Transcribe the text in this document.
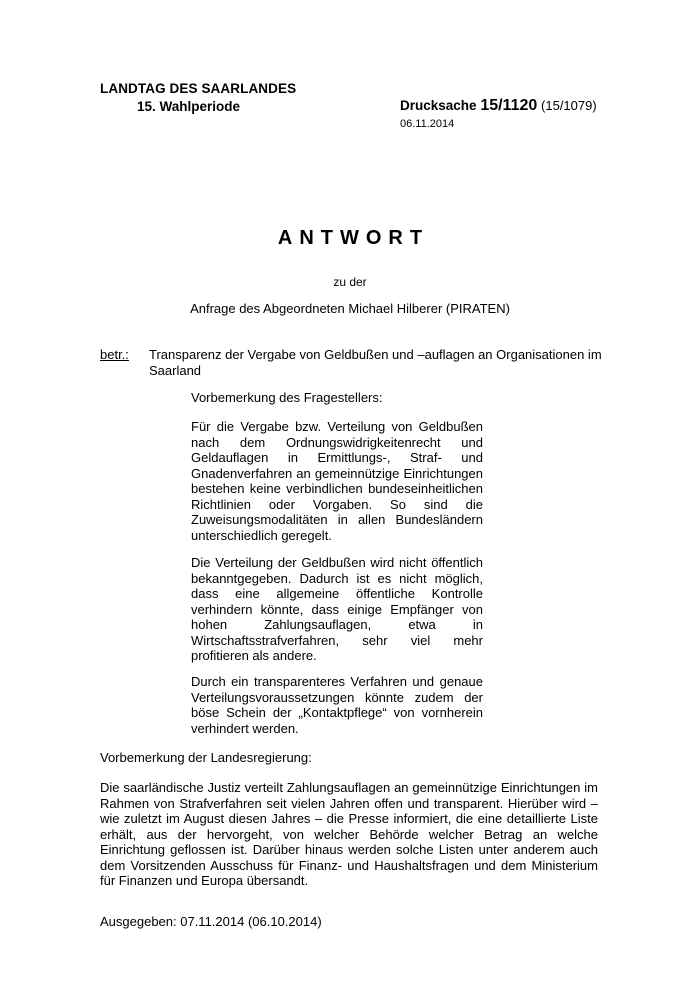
LANDTAG DES SAARLANDES
15. Wahlperiode	Drucksache 15/1120 (15/1079)
06.11.2014
ANTWORT
zu der
Anfrage des Abgeordneten Michael Hilberer (PIRATEN)
betr.: Transparenz der Vergabe von Geldbußen und –auflagen an Organisationen im Saarland
Vorbemerkung des Fragestellers:
Für die Vergabe bzw. Verteilung von Geldbußen nach dem Ordnungswidrigkeitenrecht und Geldauflagen in Ermittlungs-, Straf- und Gnadenverfahren an gemeinnützige Einrichtungen bestehen keine verbindlichen bundeseinheitlichen Richtlinien oder Vorgaben. So sind die Zuweisungsmodalitäten in allen Bundesländern unterschiedlich geregelt.
Die Verteilung der Geldbußen wird nicht öffentlich bekanntgegeben. Dadurch ist es nicht möglich, dass eine allgemeine öffentliche Kontrolle verhindern könnte, dass einige Empfänger von hohen Zahlungsauflagen, etwa in Wirtschaftsstrafverfahren, sehr viel mehr profitieren als andere.
Durch ein transparenteres Verfahren und genaue Verteilungsvoraussetzungen könnte zudem der böse Schein der „Kontaktpflege“ von vornherein verhindert werden.
Vorbemerkung der Landesregierung:
Die saarländische Justiz verteilt Zahlungsauflagen an gemeinnützige Einrichtungen im Rahmen von Strafverfahren seit vielen Jahren offen und transparent. Hierüber wird – wie zuletzt im August diesen Jahres – die Presse informiert, die eine detaillierte Liste erhält, aus der hervorgeht, von welcher Behörde welcher Betrag an welche Einrichtung geflossen ist. Darüber hinaus werden solche Listen unter anderem auch dem Vorsitzenden Ausschuss für Finanz- und Haushaltsfragen und dem Ministerium für Finanzen und Europa übersandt.
Ausgegeben: 07.11.2014 (06.10.2014)
